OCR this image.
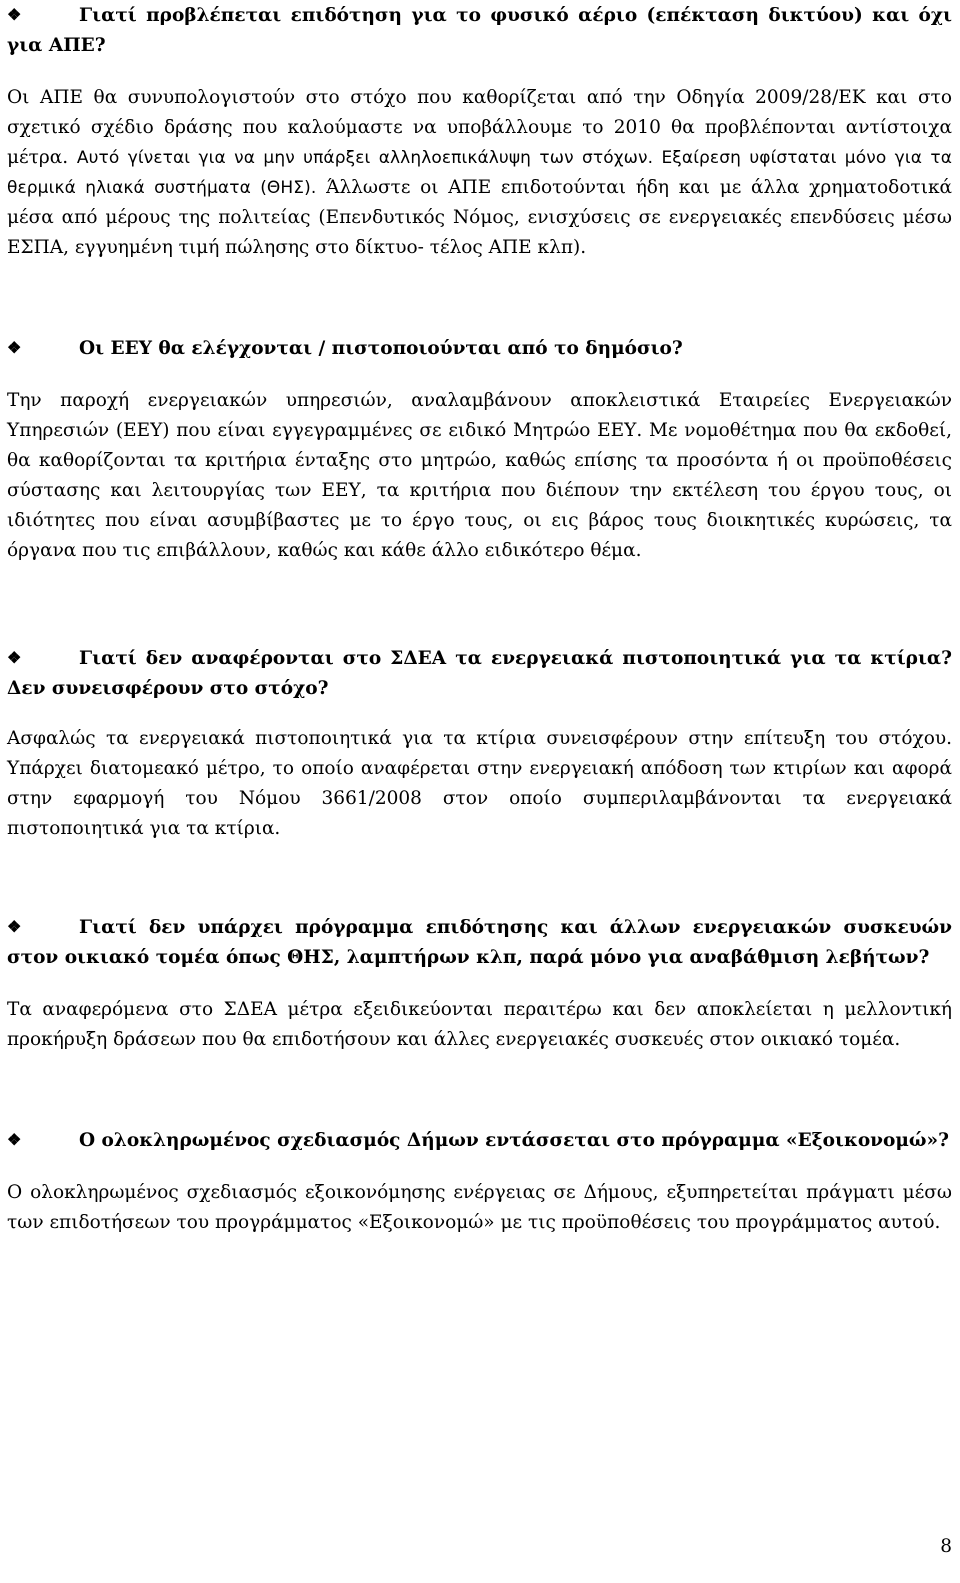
❖	Γιατί προβλέπεται επιδότηση για το φυσικό αέριο (επέκταση δικτύου) και όχι για ΑΠΕ?

Οι ΑΠΕ θα συνυπολογιστούν στο στόχο που καθορίζεται από την Οδηγία 2009/28/ΕΚ και στο σχετικό σχέδιο δράσης που καλούμαστε να υποβάλλουμε το 2010 θα προβλέπονται αντίστοιχα μέτρα. Αυτό γίνεται για να μην υπάρξει αλληλοεπικάλυψη των στόχων. Εξαίρεση υφίσταται μόνο για τα θερμικά ηλιακά συστήματα (ΘΗΣ). Άλλωστε οι ΑΠΕ επιδοτούνται ήδη και με άλλα χρηματοδοτικά μέσα από μέρους της πολιτείας (Επενδυτικός Νόμος, ενισχύσεις σε ενεργειακές επενδύσεις μέσω ΕΣΠΑ, εγγυημένη τιμή πώλησης στο δίκτυο- τέλος ΑΠΕ κλπ).

❖	Οι ΕΕΥ θα ελέγχονται / πιστοποιούνται από το δημόσιο?

Την παροχή ενεργειακών υπηρεσιών, αναλαμβάνουν αποκλειστικά Εταιρείες Ενεργειακών Υπηρεσιών (ΕΕΥ) που είναι εγγεγραμμένες σε ειδικό Μητρώο ΕΕΥ. Με νομοθέτημα που θα εκδοθεί, θα καθορίζονται τα κριτήρια ένταξης στο μητρώο, καθώς επίσης τα προσόντα ή οι προϋποθέσεις σύστασης και λειτουργίας των ΕΕΥ, τα κριτήρια που διέπουν την εκτέλεση του έργου τους, οι ιδιότητες που είναι ασυμβίβαστες με το έργο τους, οι εις βάρος τους διοικητικές κυρώσεις, τα όργανα που τις επιβάλλουν, καθώς και κάθε άλλο ειδικότερο θέμα.

❖	Γιατί δεν αναφέρονται στο ΣΔΕΑ τα ενεργειακά πιστοποιητικά για τα κτίρια? Δεν συνεισφέρουν στο στόχο?

Ασφαλώς τα ενεργειακά πιστοποιητικά για τα κτίρια συνεισφέρουν στην επίτευξη του στόχου. Υπάρχει διατομεακό μέτρο, το οποίο αναφέρεται στην ενεργειακή απόδοση των κτιρίων και αφορά στην εφαρμογή του Νόμου 3661/2008 στον οποίο συμπεριλαμβάνονται τα ενεργειακά πιστοποιητικά για τα κτίρια.

❖	Γιατί δεν υπάρχει πρόγραμμα επιδότησης και άλλων ενεργειακών συσκευών στον οικιακό τομέα όπως ΘΗΣ, λαμπτήρων κλπ, παρά μόνο για αναβάθμιση λεβήτων?

Τα αναφερόμενα στο ΣΔΕΑ μέτρα εξειδικεύονται περαιτέρω και δεν αποκλείεται η μελλοντική προκήρυξη δράσεων που θα επιδοτήσουν και άλλες ενεργειακές συσκευές στον οικιακό τομέα.

❖	Ο ολοκληρωμένος σχεδιασμός Δήμων εντάσσεται στο πρόγραμμα «Εξοικονομώ»?

Ο ολοκληρωμένος σχεδιασμός εξοικονόμησης ενέργειας σε Δήμους, εξυπηρετείται πράγματι μέσω των επιδοτήσεων του προγράμματος «Εξοικονομώ» με τις προϋποθέσεις του προγράμματος αυτού.

8
